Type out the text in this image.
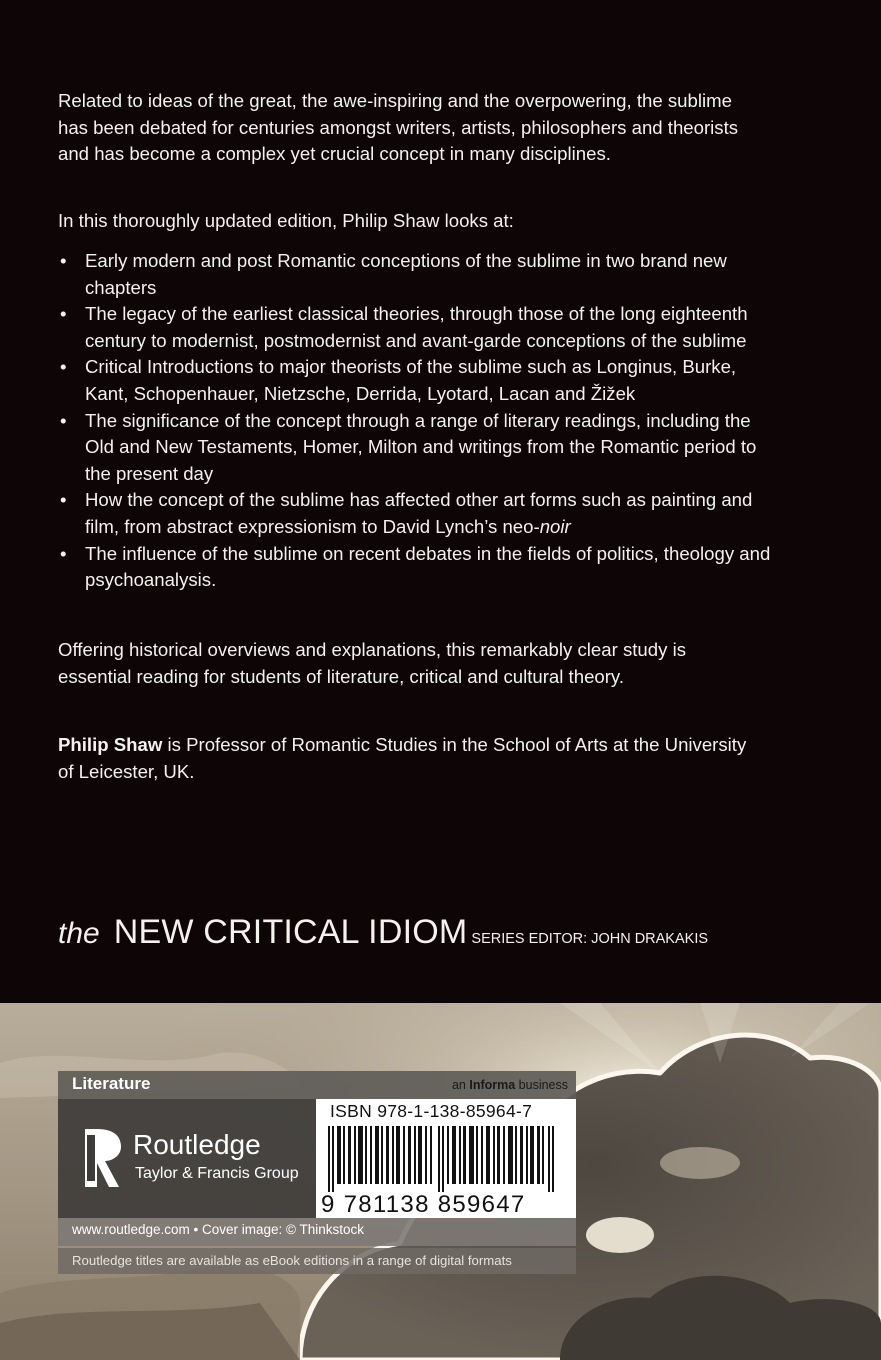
Related to ideas of the great, the awe-inspiring and the overpowering, the sublime has been debated for centuries amongst writers, artists, philosophers and theorists and has become a complex yet crucial concept in many disciplines.

In this thoroughly updated edition, Philip Shaw looks at:

• Early modern and post Romantic conceptions of the sublime in two brand new chapters
• The legacy of the earliest classical theories, through those of the long eighteenth century to modernist, postmodernist and avant-garde conceptions of the sublime
• Critical Introductions to major theorists of the sublime such as Longinus, Burke, Kant, Schopenhauer, Nietzsche, Derrida, Lyotard, Lacan and Žižek
• The significance of the concept through a range of literary readings, including the Old and New Testaments, Homer, Milton and writings from the Romantic period to the present day
• How the concept of the sublime has affected other art forms such as painting and film, from abstract expressionism to David Lynch’s neo-noir
• The influence of the sublime on recent debates in the fields of politics, theology and psychoanalysis.

Offering historical overviews and explanations, this remarkably clear study is essential reading for students of literature, critical and cultural theory.

Philip Shaw is Professor of Romantic Studies in the School of Arts at the University of Leicester, UK.

the NEW CRITICAL IDIOM SERIES EDITOR: JOHN DRAKAKIS
Literature	an Informa business
Routledge
Taylor & Francis Group
ISBN 978-1-138-85964-7
9 781138 859647
www.routledge.com • Cover image: © Thinkstock
Routledge titles are available as eBook editions in a range of digital formats
